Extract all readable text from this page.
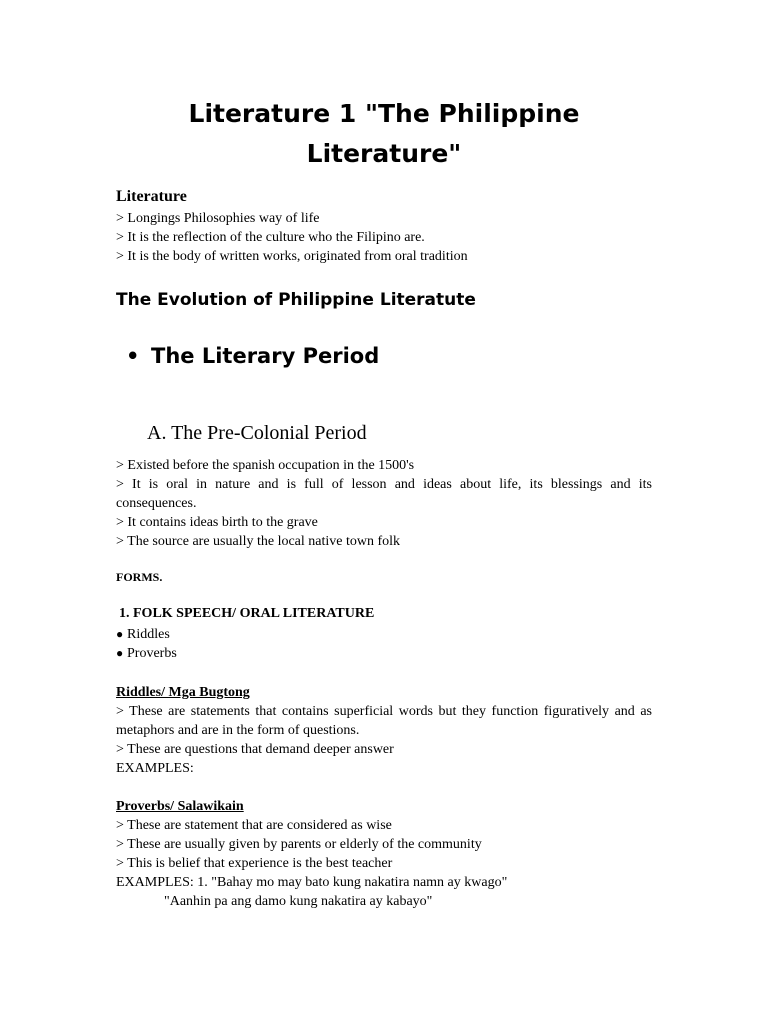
Literature 1 "The Philippine
Literature"

Literature

> Longings Philosophies way of life

> It is the reflection of the culture who the Filipino are.

> It is the body of written works, originated from oral tradition

The Evolution of Philippine Literatute

• The Literary Period

A. The Pre-Colonial Period

> Existed before the spanish occupation in the 1500's

> It is oral in nature and is full of lesson and ideas about life, its blessings and its consequences.

> It contains ideas birth to the grave

> The source are usually the local native town folk

FORMS.

1. FOLK SPEECH/ ORAL LITERATURE

● Riddles
● Proverbs

Riddles/ Mga Bugtong

> These are statements that contains superficial words but they function figuratively and as metaphors and are in the form of questions.

> These are questions that demand deeper answer

EXAMPLES:

Proverbs/ Salawikain

> These are statement that are considered as wise

> These are usually given by parents or elderly of the community

> This is belief that experience is the best teacher

EXAMPLES: 1. "Bahay mo may bato kung nakatira namn ay kwago"

"Aanhin pa ang damo kung nakatira ay kabayo"
